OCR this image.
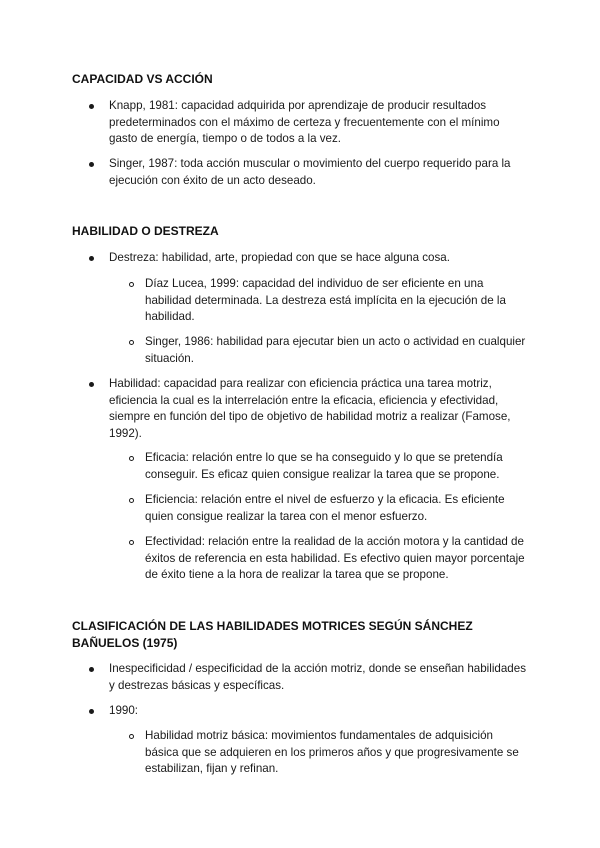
CAPACIDAD VS ACCIÓN
Knapp, 1981: capacidad adquirida por aprendizaje de producir resultados predeterminados con el máximo de certeza y frecuentemente con el mínimo gasto de energía, tiempo o de todos a la vez.
Singer, 1987: toda acción muscular o movimiento del cuerpo requerido para la ejecución con éxito de un acto deseado.
HABILIDAD O DESTREZA
Destreza: habilidad, arte, propiedad con que se hace alguna cosa.
Díaz Lucea, 1999: capacidad del individuo de ser eficiente en una habilidad determinada. La destreza está implícita en la ejecución de la habilidad.
Singer, 1986: habilidad para ejecutar bien un acto o actividad en cualquier situación.
Habilidad: capacidad para realizar con eficiencia práctica una tarea motriz, eficiencia la cual es la interrelación entre la eficacia, eficiencia y efectividad, siempre en función del tipo de objetivo de habilidad motriz a realizar (Famose, 1992).
Eficacia: relación entre lo que se ha conseguido y lo que se pretendía conseguir. Es eficaz quien consigue realizar la tarea que se propone.
Eficiencia: relación entre el nivel de esfuerzo y la eficacia. Es eficiente quien consigue realizar la tarea con el menor esfuerzo.
Efectividad: relación entre la realidad de la acción motora y la cantidad de éxitos de referencia en esta habilidad. Es efectivo quien mayor porcentaje de éxito tiene a la hora de realizar la tarea que se propone.
CLASIFICACIÓN DE LAS HABILIDADES MOTRICES SEGÚN SÁNCHEZ BAÑUELOS (1975)
Inespecificidad / especificidad de la acción motriz, donde se enseñan habilidades y destrezas básicas y específicas.
1990:
Habilidad motriz básica: movimientos fundamentales de adquisición básica que se adquieren en los primeros años y que progresivamente se estabilizan, fijan y refinan.
